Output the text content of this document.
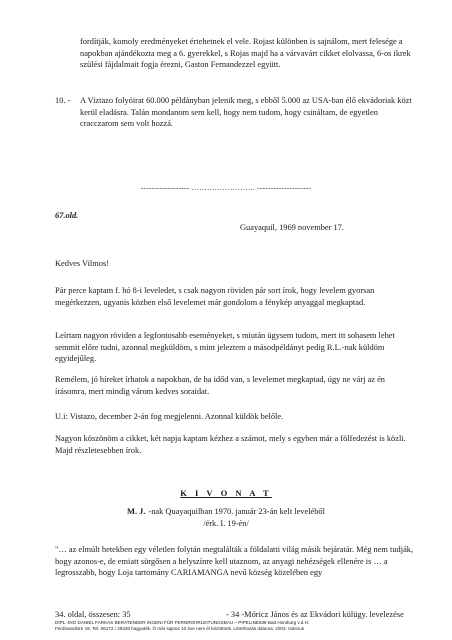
fordítják, komoly eredményeket értehetnek el vele. Rojast különben is sajnálom, mert felesége a napokban ajándékozta meg a 6. gyerekkel, s Rojas majd ha a várvavárt cikket elolvassa, 6-os ikrek szülési fájdalmait fogja érezni, Gaston Fernandezzel együtt.

10. - A Viztazo folyóirat 60.000 példányban jelenik meg, s ebből 5.000 az USA-ban élő ekvádoriak közt kerül eladásra. Talán mondanom sem kell, hogy nem tudom, hogy csináltam, de egyetlen cracczarom sem volt hozzá.

------------------ ……………………. --------------------
67.old.
Guayaquil, 1969 november 17.
Kedves Vilmos!

Pár perce kaptam f. hó 8-i leveledet, s csak nagyon röviden pár sort írok, hogy levelem gyorsan megérkezzen, ugyanis közben első levelemet már gondolom a fénykép anyaggal megkaptad.

Leírtam nagyon röviden a legfontosabb eseményeket, s miután ügysem tudom, mert itt sohasem lehet semmit előre tudni, azonnal megküldöm, s mint jeleztem a másodpéldányt pedig R.L.-nak küldöm egyidejűleg.

Remélem, jó híreket írhatok a napokban, de ha időd van, s levelemet megkaptad, úgy ne várj az én írásomra, mert mindig várom kedves soraidat.

U.i: Vistazo, december 2-án fog megjelenni. Azonnal küldök belőle.

Nagyon köszönöm a cikket, két napja kaptam kézhez a számot, mely s egyben már a fölfedezést is közli. Majd részletesebben írok.

K I V O N A T
M. J. -nak Quayaquilban 1970. január 23-án kelt leveléből
/érk. I. 19-én/

"… az elmúlt hetekben egy véletlen folytán megtalálták a földalatti világ másik bejáratár. Még nem tudják, hogy azonos-e, de emiatt sürgősen a helyszínre kell utaznom, az anyagi nehézségek ellenére is … a legrosszabb, hogy Loja tartomány CARIAMANGA nevű község közelében egy

34. oldal, összesen: 35	- 34 -Móricz János és az Ekvádori külügy. levelezése
DIPL.-ING DANIEL FARKAS BERATENDER INGENI FÜR FERNROHRLEITUNGSBAU – PIPELINE638 Bad Homburg v.d.H.
Ferdinandstre 19, Tel. 06172 / 29330 hagyaték. Ö már sajnos 10 éve nem él közöttünk. Létrehozás dátuma: 2003. március
